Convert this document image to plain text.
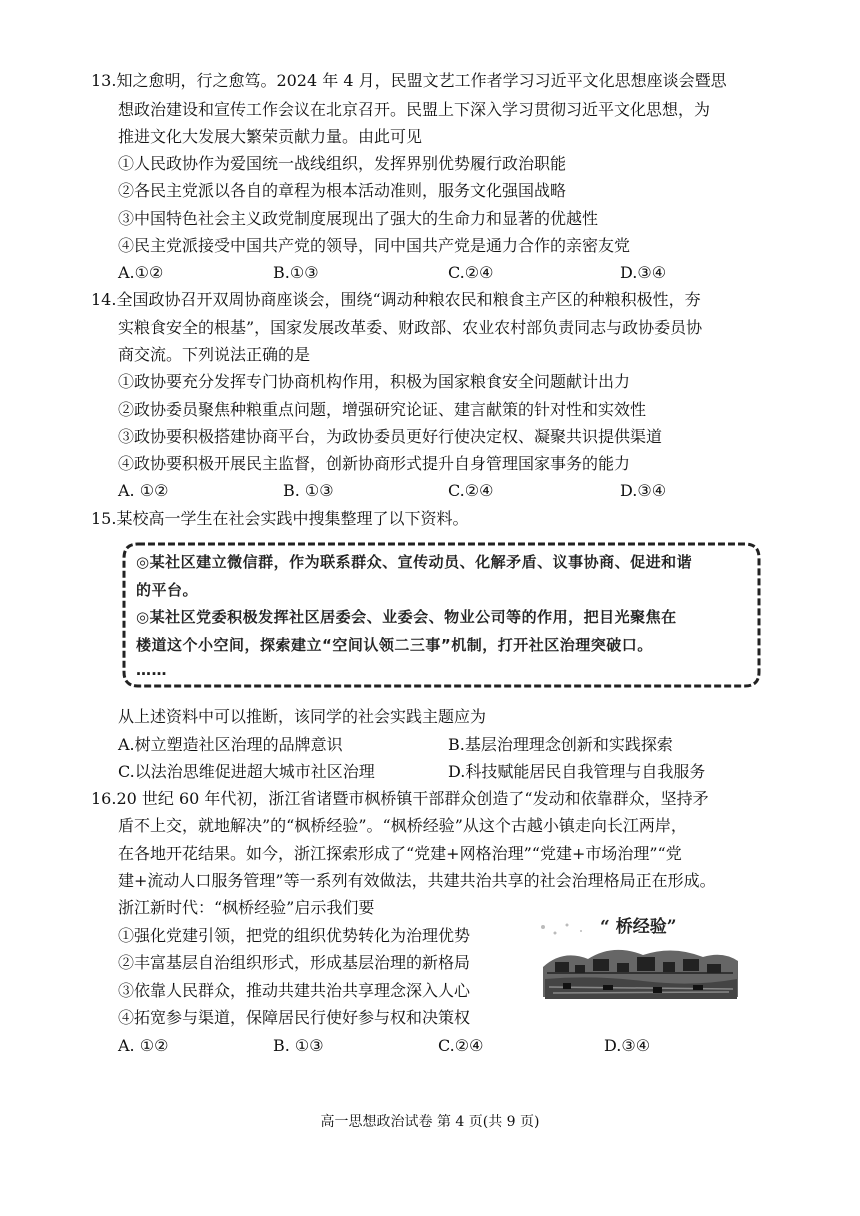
13.知之愈明，行之愈笃。2024 年 4 月，民盟文艺工作者学习习近平文化思想座谈会暨思
想政治建设和宣传工作会议在北京召开。民盟上下深入学习贯彻习近平文化思想，为
推进文化大发展大繁荣贡献力量。由此可见
①人民政协作为爱国统一战线组织，发挥界别优势履行政治职能
②各民主党派以各自的章程为根本活动准则，服务文化强国战略
③中国特色社会主义政党制度展现出了强大的生命力和显著的优越性
④民主党派接受中国共产党的领导，同中国共产党是通力合作的亲密友党
A.①②	B.①③	C.②④	D.③④
14.全国政协召开双周协商座谈会，围绕“调动种粮农民和粮食主产区的种粮积极性，夯
实粮食安全的根基”，国家发展改革委、财政部、农业农村部负责同志与政协委员协
商交流。下列说法正确的是
①政协要充分发挥专门协商机构作用，积极为国家粮食安全问题献计出力
②政协委员聚焦种粮重点问题，增强研究论证、建言献策的针对性和实效性
③政协要积极搭建协商平台，为政协委员更好行使决定权、凝聚共识提供渠道
④政协要积极开展民主监督，创新协商形式提升自身管理国家事务的能力
A. ①②	B. ①③	C.②④	D.③④
15.某校高一学生在社会实践中搜集整理了以下资料。
◎某社区建立微信群，作为联系群众、宣传动员、化解矛盾、议事协商、促进和谐
的平台。
◎某社区党委积极发挥社区居委会、业委会、物业公司等的作用，把目光聚焦在
楼道这个小空间，探索建立“空间认领二三事”机制，打开社区治理突破口。
……
从上述资料中可以推断，该同学的社会实践主题应为
A.树立塑造社区治理的品牌意识	B.基层治理理念创新和实践探索
C.以法治思维促进超大城市社区治理	D.科技赋能居民自我管理与自我服务
16.20 世纪 60 年代初，浙江省诸暨市枫桥镇干部群众创造了“发动和依靠群众，坚持矛
盾不上交，就地解决”的“枫桥经验”。“枫桥经验”从这个古越小镇走向长江两岸，
在各地开花结果。如今，浙江探索形成了“党建+网格治理”“党建+市场治理”“党
建+流动人口服务管理”等一系列有效做法，共建共治共享的社会治理格局正在形成。
浙江新时代：“枫桥经验”启示我们要
①强化党建引领，把党的组织优势转化为治理优势
②丰富基层自治组织形式，形成基层治理的新格局
③依靠人民群众，推动共建共治共享理念深入人心
④拓宽参与渠道，保障居民行使好参与权和决策权
“ 桥经验”
A. ①②	B. ①③	C.②④	D.③④
高一思想政治试卷 第 4 页(共 9 页)
